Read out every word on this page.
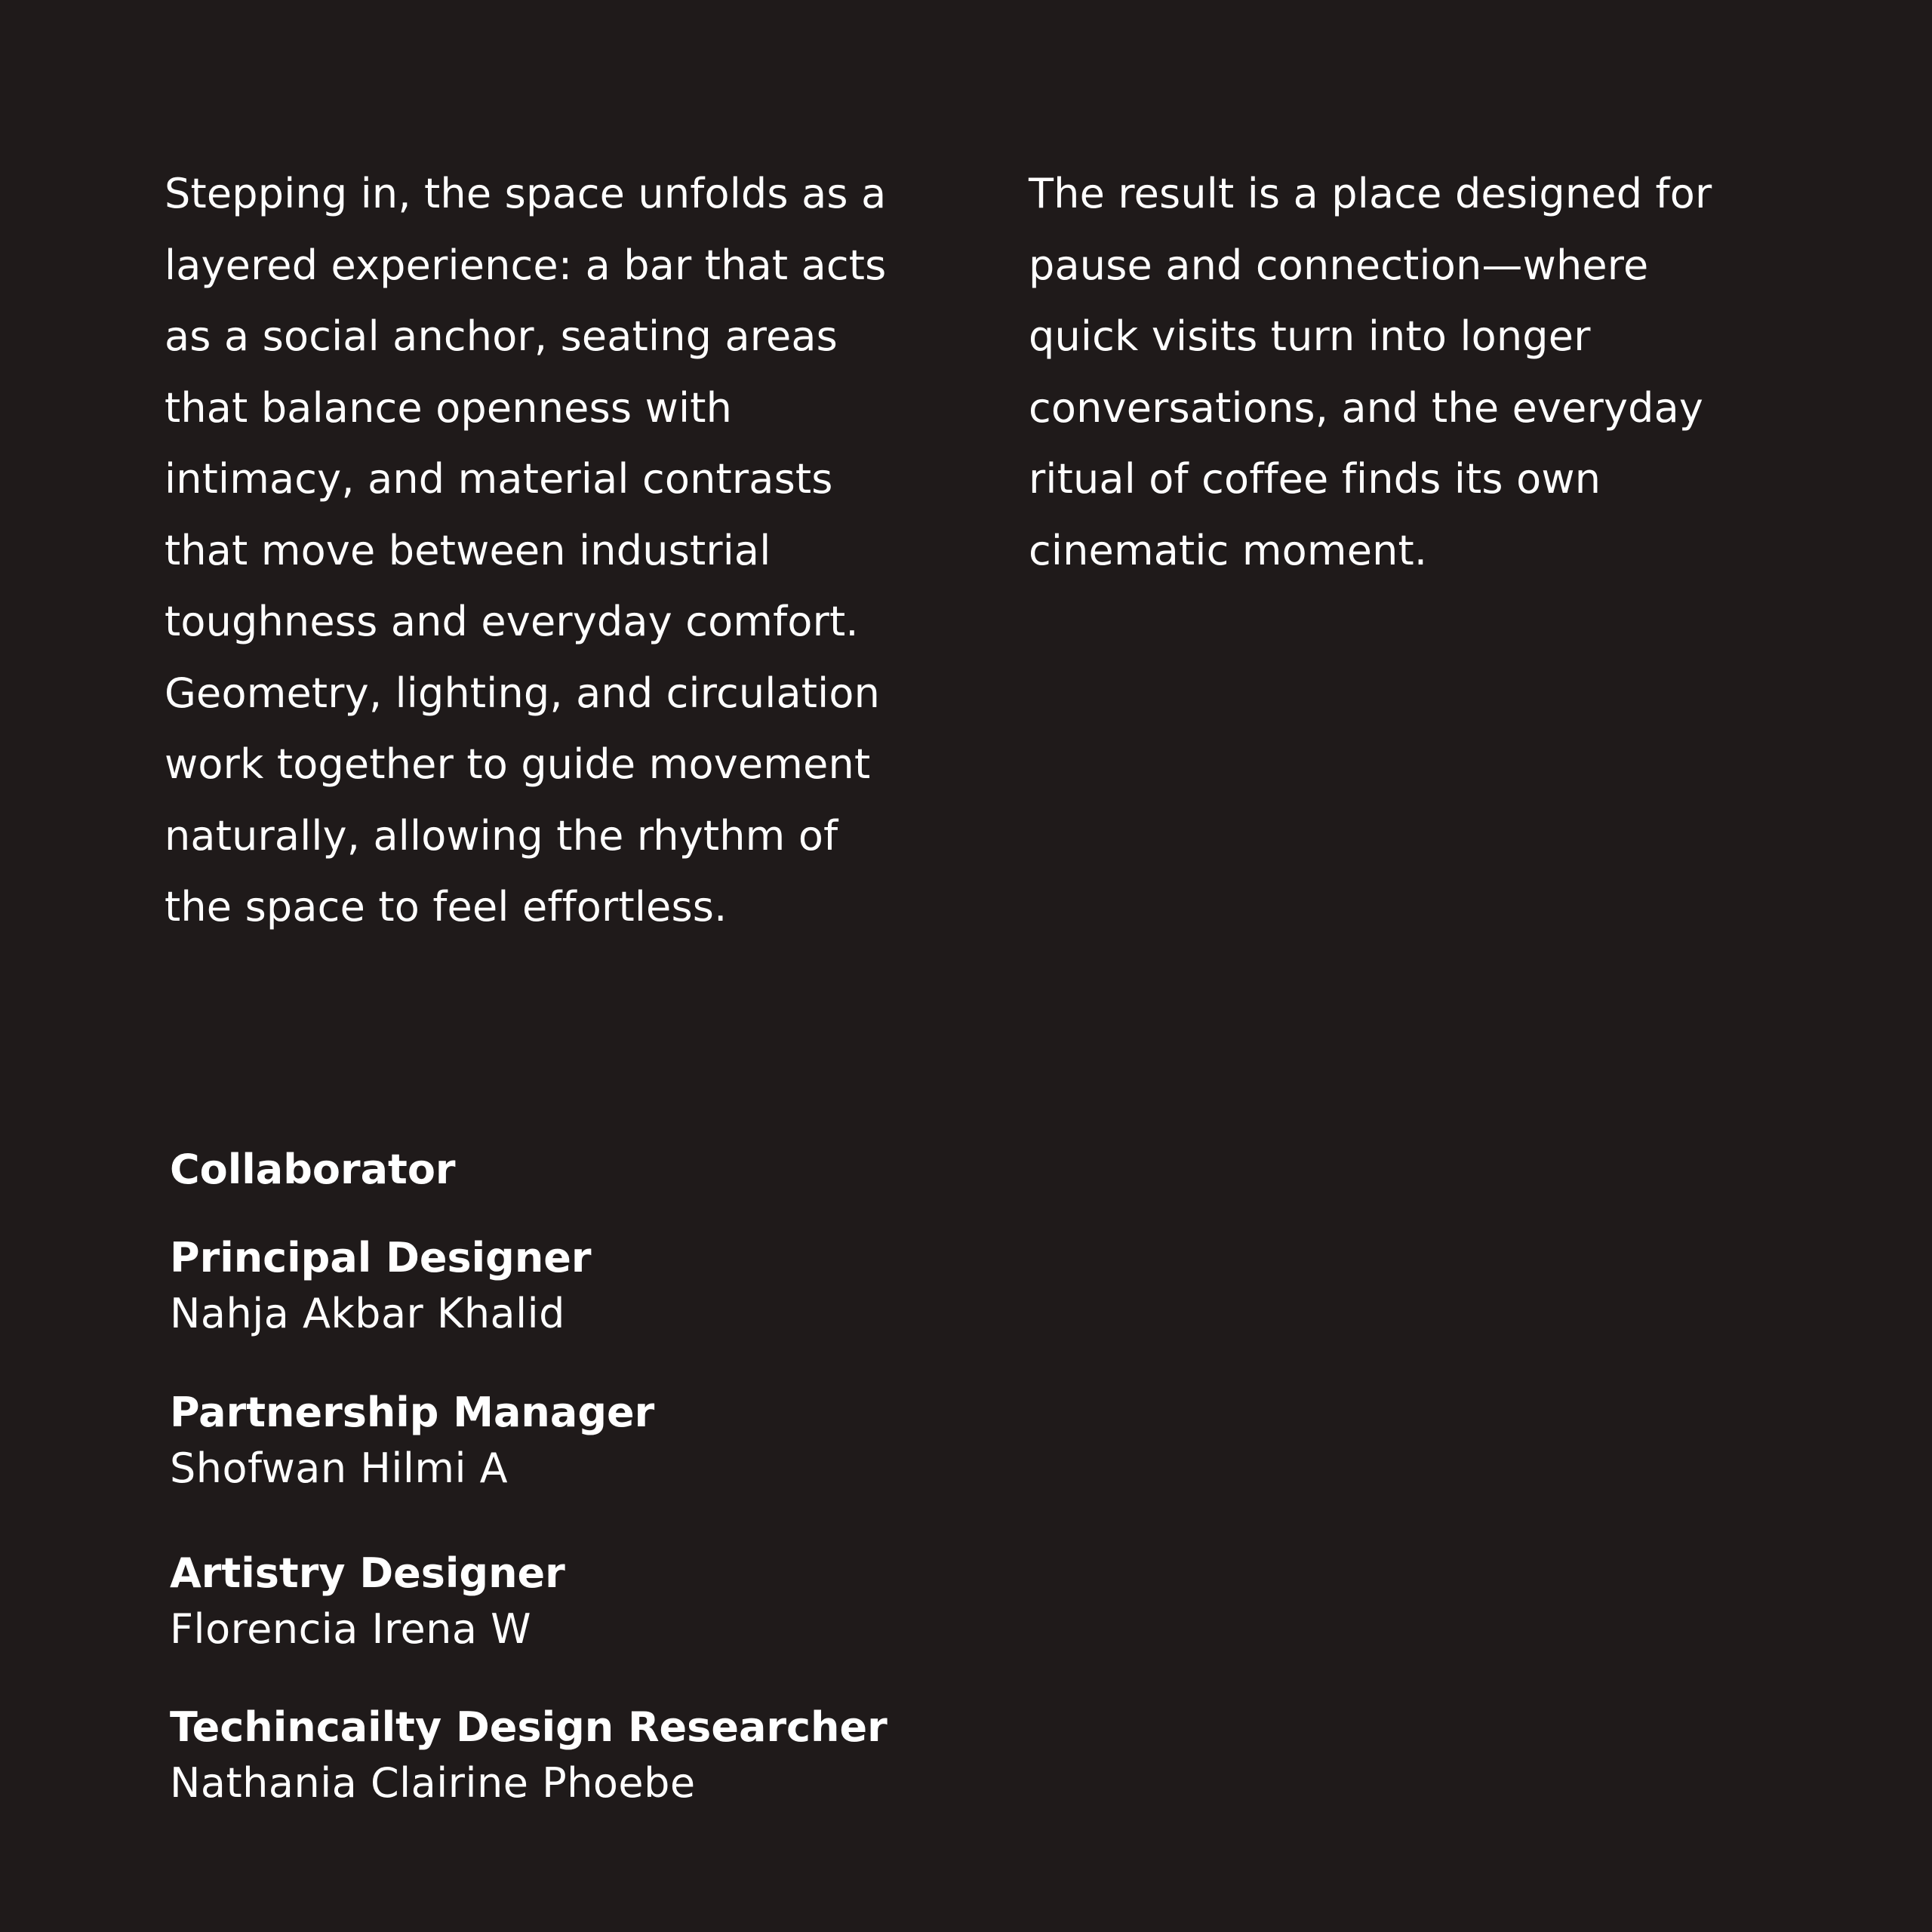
Stepping in, the space unfolds as a
layered experience: a bar that acts
as a social anchor, seating areas
that balance openness with
intimacy, and material contrasts
that move between industrial
toughness and everyday comfort.
Geometry, lighting, and circulation
work together to guide movement
naturally, allowing the rhythm of
the space to feel effortless.
The result is a place designed for
pause and connection—where
quick visits turn into longer
conversations, and the everyday
ritual of coffee finds its own
cinematic moment.
Collaborator
Principal Designer
Nahja Akbar Khalid
Partnership Manager
Shofwan Hilmi A
Artistry Designer
Florencia Irena W
Techincailty Design Researcher
Nathania Clairine Phoebe
